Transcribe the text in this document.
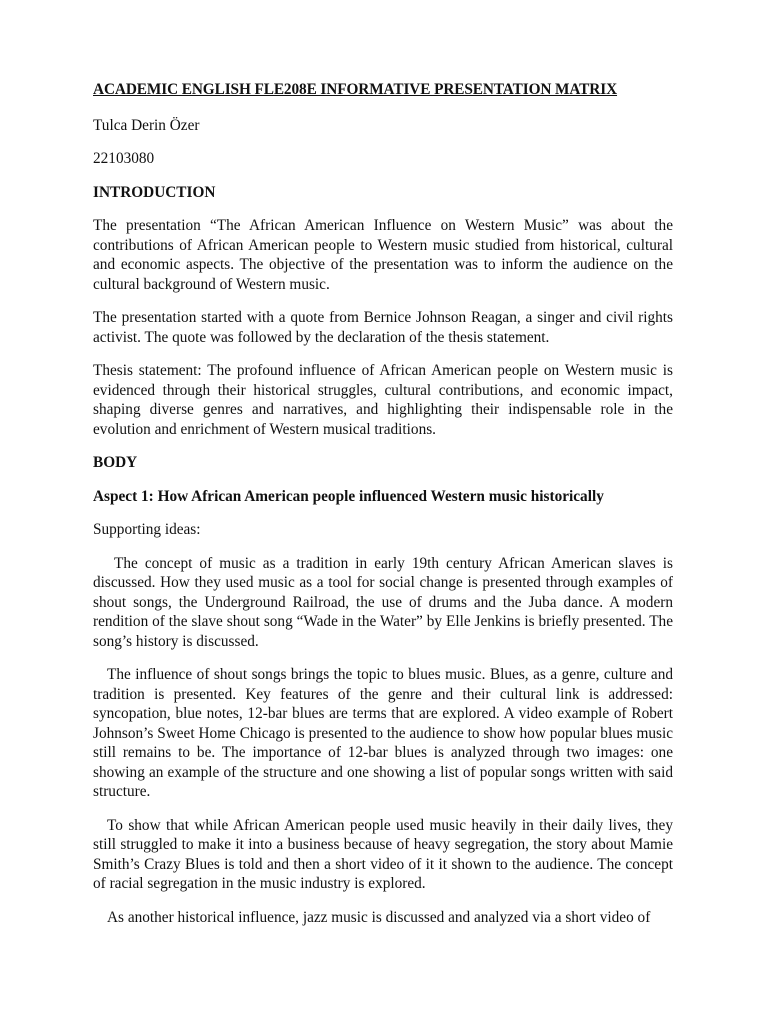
ACADEMIC ENGLISH FLE208E INFORMATIVE PRESENTATION MATRIX

Tulca Derin Özer

22103080

INTRODUCTION

The presentation “The African American Influence on Western Music” was about the contributions of African American people to Western music studied from historical, cultural and economic aspects. The objective of the presentation was to inform the audience on the cultural background of Western music.

The presentation started with a quote from Bernice Johnson Reagan, a singer and civil rights activist. The quote was followed by the declaration of the thesis statement.

Thesis statement: The profound influence of African American people on Western music is evidenced through their historical struggles, cultural contributions, and economic impact, shaping diverse genres and narratives, and highlighting their indispensable role in the evolution and enrichment of Western musical traditions.

BODY

Aspect 1: How African American people influenced Western music historically

Supporting ideas:

The concept of music as a tradition in early 19th century African American slaves is discussed. How they used music as a tool for social change is presented through examples of shout songs, the Underground Railroad, the use of drums and the Juba dance. A modern rendition of the slave shout song “Wade in the Water” by Elle Jenkins is briefly presented. The song’s history is discussed.

The influence of shout songs brings the topic to blues music. Blues, as a genre, culture and tradition is presented. Key features of the genre and their cultural link is addressed: syncopation, blue notes, 12-bar blues are terms that are explored. A video example of Robert Johnson’s Sweet Home Chicago is presented to the audience to show how popular blues music still remains to be. The importance of 12-bar blues is analyzed through two images: one showing an example of the structure and one showing a list of popular songs written with said structure.

To show that while African American people used music heavily in their daily lives, they still struggled to make it into a business because of heavy segregation, the story about Mamie Smith’s Crazy Blues is told and then a short video of it it shown to the audience. The concept of racial segregation in the music industry is explored.

As another historical influence, jazz music is discussed and analyzed via a short video of
